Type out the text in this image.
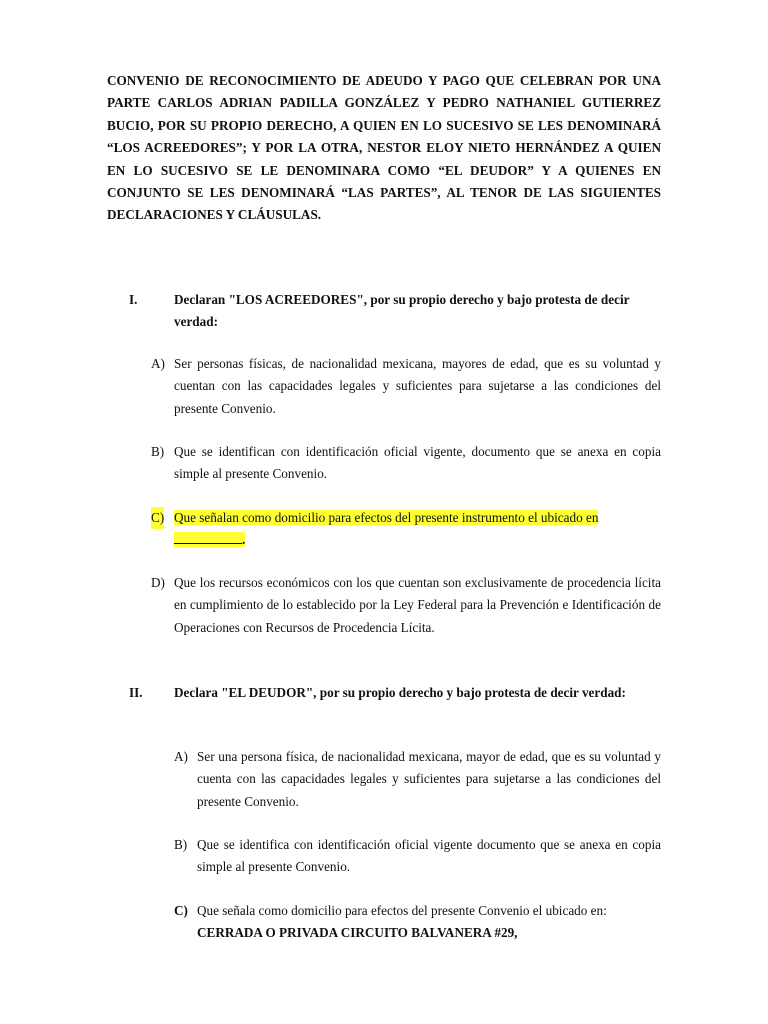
CONVENIO DE RECONOCIMIENTO DE ADEUDO Y PAGO QUE CELEBRAN POR UNA PARTE CARLOS ADRIAN PADILLA GONZÁLEZ Y PEDRO NATHANIEL GUTIERREZ BUCIO, POR SU PROPIO DERECHO, A QUIEN EN LO SUCESIVO SE LES DENOMINARÁ “LOS ACREEDORES”; Y POR LA OTRA, NESTOR ELOY NIETO HERNÁNDEZ A QUIEN EN LO SUCESIVO SE LE DENOMINARA COMO “EL DEUDOR” Y A QUIENES EN CONJUNTO SE LES DENOMINARÁ “LAS PARTES”, AL TENOR DE LAS SIGUIENTES DECLARACIONES Y CLÁUSULAS.

I.	Declaran "LOS ACREEDORES", por su propio derecho y bajo protesta de decir verdad:

A) Ser personas físicas, de nacionalidad mexicana, mayores de edad, que es su voluntad y cuentan con las capacidades legales y suficientes para sujetarse a las condiciones del presente Convenio.
B) Que se identifican con identificación oficial vigente, documento que se anexa en copia simple al presente Convenio.
C) Que señalan como domicilio para efectos del presente instrumento el ubicado en
.
D) Que los recursos económicos con los que cuentan son exclusivamente de procedencia lícita en cumplimiento de lo establecido por la Ley Federal para la Prevención e Identificación de Operaciones con Recursos de Procedencia Lícita.
II. Declara "EL DEUDOR", por su propio derecho y bajo protesta de decir verdad:

A) Ser una persona física, de nacionalidad mexicana, mayor de edad, que es su voluntad y cuenta con las capacidades legales y suficientes para sujetarse a las condiciones del presente Convenio.
B) Que se identifica con identificación oficial vigente documento que se anexa en copia simple al presente Convenio.
C) Que señala como domicilio para efectos del presente Convenio el ubicado en: CERRADA O PRIVADA CIRCUITO BALVANERA #29,
